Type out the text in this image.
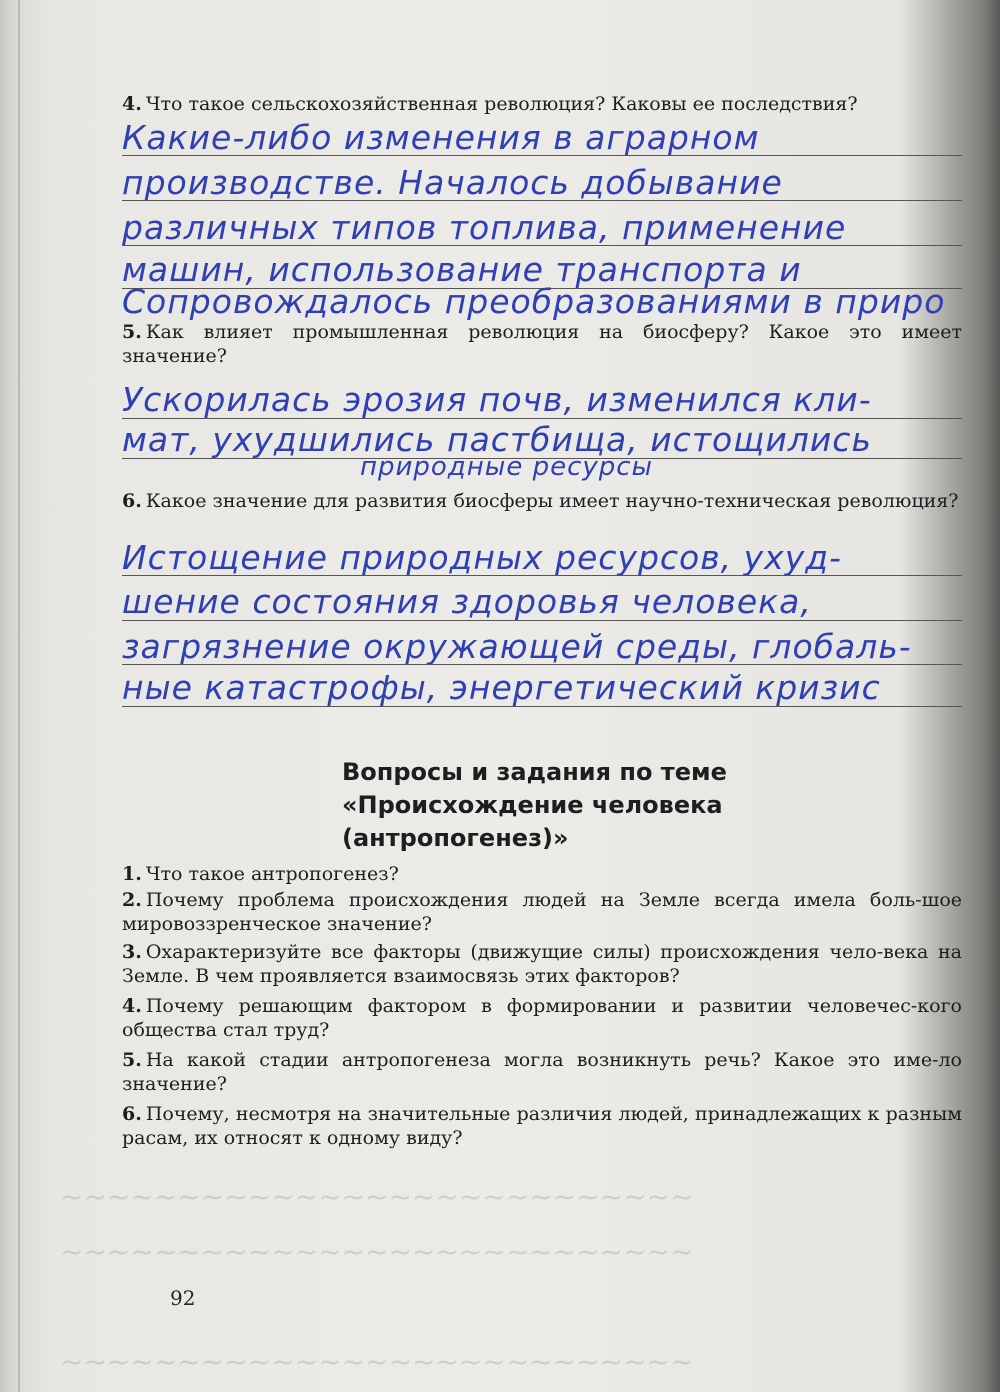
~~~~~~~~~~~~~~~~~~~~~~~~~~~
~~~~~~~~~~~~~~~~~~~~~~~~~~~
~~~~~~~~~~~~~~~~~~~~~~~~~~~
4. Что такое сельскохозяйственная революция? Каковы ее последствия?
Какие-либо изменения в аграрном
производстве. Началось добывание
различных типов топлива, применение
машин, использование транспорта и
Сопровождалось преобразованиями в приро
5. Как влияет промышленная революция на биосферу? Какое это имеет значение?
Ускорилась эрозия почв, изменился кли-
мат, ухудшились пастбища, истощились
природные ресурсы
6. Какое значение для развития биосферы имеет научно-техническая революция?
Истощение природных ресурсов, ухуд-
шение состояния здоровья человека,
загрязнение окружающей среды, глобаль-
ные катастрофы, энергетический кризис
Вопросы и задания по теме
«Происхождение человека
(антропогенез)»
1. Что такое антропогенез?
2. Почему проблема происхождения людей на Земле всегда имела боль-шое мировоззренческое значение?
3. Охарактеризуйте все факторы (движущие силы) происхождения чело-века на Земле. В чем проявляется взаимосвязь этих факторов?
4. Почему решающим фактором в формировании и развитии человечес-кого общества стал труд?
5. На какой стадии антропогенеза могла возникнуть речь? Какое это име-ло значение?
6. Почему, несмотря на значительные различия людей, принадлежащих к разным расам, их относят к одному виду?
92
